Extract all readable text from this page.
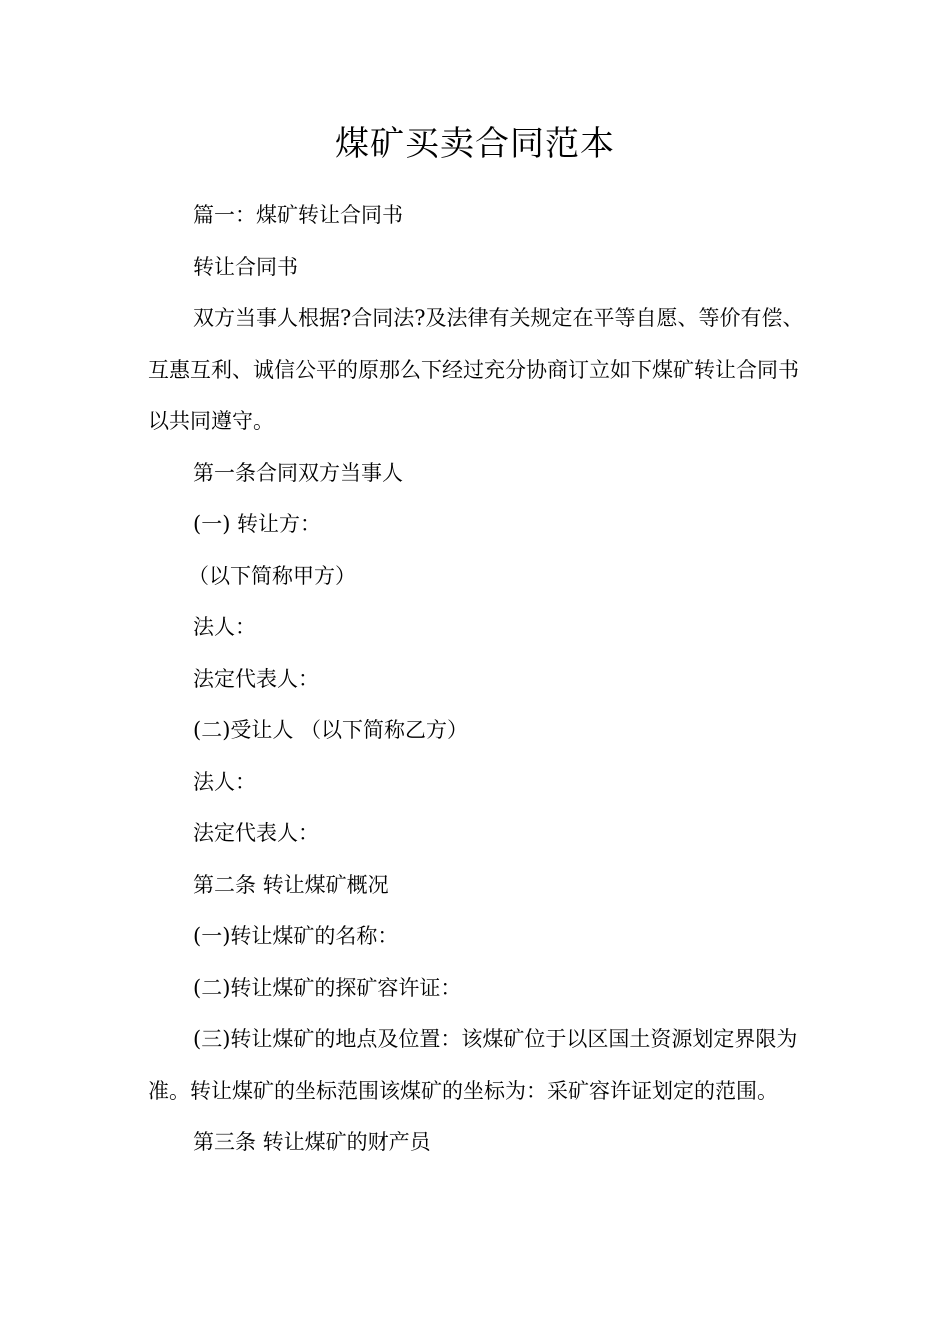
煤矿买卖合同范本

篇一：煤矿转让合同书

转让合同书

双方当事人根据?合同法?及法律有关规定在平等自愿、等价有偿、互惠互利、诚信公平的原那么下经过充分协商订立如下煤矿转让合同书以共同遵守。

第一条合同双方当事人

(一) 转让方：

（以下简称甲方）

法人：

法定代表人：

(二)受让人 （以下简称乙方）

法人：

法定代表人：

第二条 转让煤矿概况

(一)转让煤矿的名称：

(二)转让煤矿的探矿容许证：

(三)转让煤矿的地点及位置：该煤矿位于以区国土资源划定界限为准。转让煤矿的坐标范围该煤矿的坐标为：采矿容许证划定的范围。

第三条 转让煤矿的财产员
